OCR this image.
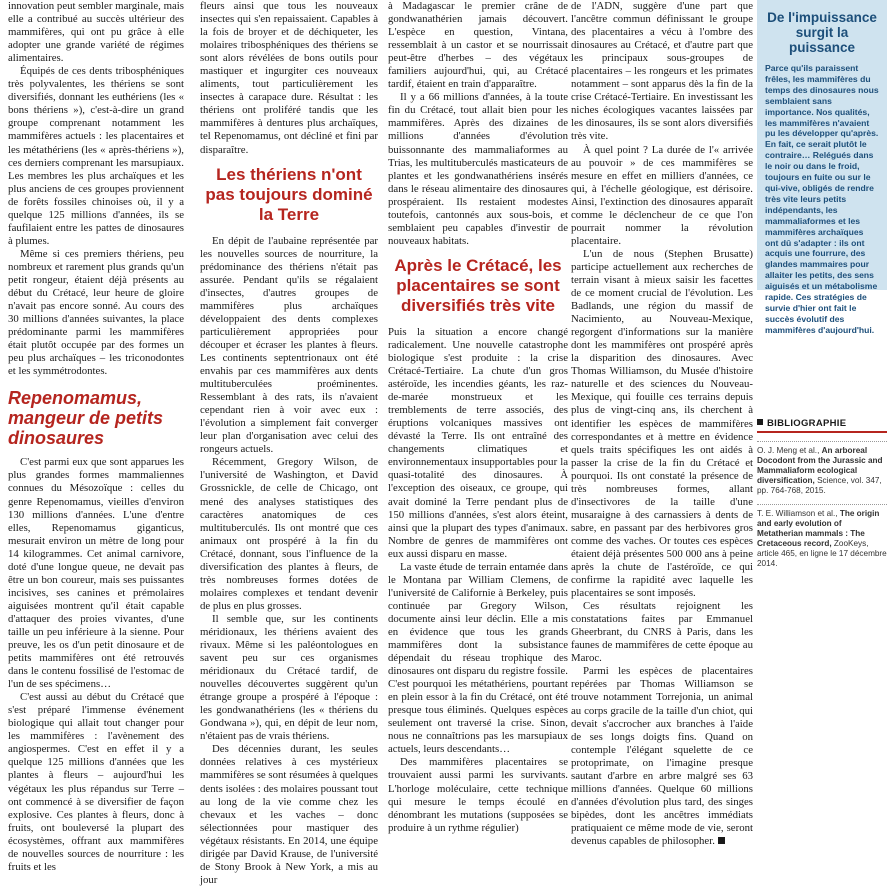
innovation peut sembler marginale, mais elle a contribué au succès ultérieur des mammifères, qui ont pu grâce à elle adopter une grande variété de régimes alimentaires.

Équipés de ces dents tribosphéniques très polyvalentes, les thériens se sont diversifiés, donnant les euthériens (les « bons thériens »), c'est-à-dire un grand groupe comprenant notamment les mammifères actuels : les placentaires et les métathériens (les « après-thériens »), ces derniers comprenant les marsupiaux. Les membres les plus archaïques et les plus anciens de ces groupes proviennent de forêts fossiles chinoises où, il y a quelque 125 millions d'années, ils se faufilaient entre les pattes de dinosaures à plumes.

Même si ces premiers thériens, peu nombreux et rarement plus grands qu'un petit rongeur, étaient déjà présents au début du Crétacé, leur heure de gloire n'avait pas encore sonné. Au cours des 30 millions d'années suivantes, la place prédominante parmi les mammifères était plutôt occupée par des formes un peu plus archaïques – les triconodontes et les symmétrodontes.

Repenomamus, mangeur de petits dinosaures

C'est parmi eux que sont apparues les plus grandes formes mammaliennes connues du Mésozoïque : celles du genre Repenomamus, vieilles d'environ 130 millions d'années. L'une d'entre elles, Repenomamus giganticus, mesurait environ un mètre de long pour 14 kilogrammes. Cet animal carnivore, doté d'une longue queue, ne devait pas être un bon coureur, mais ses puissantes incisives, ses canines et prémolaires aiguisées montrent qu'il était capable d'attaquer des proies vivantes, d'une taille un peu inférieure à la sienne. Pour preuve, les os d'un petit dinosaure et de petits mammifères ont été retrouvés dans le contenu fossilisé de l'estomac de l'un de ses spécimens…

C'est aussi au début du Crétacé que s'est préparé l'immense événement biologique qui allait tout changer pour les mammifères : l'avènement des angiospermes. C'est en effet il y a quelque 125 millions d'années que les plantes à fleurs – aujourd'hui les végétaux les plus répandus sur Terre – ont commencé à se diversifier de façon explosive. Ces plantes à fleurs, donc à fruits, ont bouleversé la plupart des écosystèmes, offrant aux mammifères de nouvelles sources de nourriture : les fruits et les

fleurs ainsi que tous les nouveaux insectes qui s'en repaissaient. Capables à la fois de broyer et de déchiqueter, les molaires tribosphéniques des thériens se sont alors révélées de bons outils pour mastiquer et ingurgiter ces nouveaux aliments, tout particulièrement les insectes à carapace dure. Résultat : les thériens ont proliféré tandis que les mammifères à dentures plus archaïques, tel Repenomamus, ont décliné et fini par disparaître.

Les thériens n'ont pas toujours dominé la Terre

En dépit de l'aubaine représentée par les nouvelles sources de nourriture, la prédominance des thériens n'était pas assurée. Pendant qu'ils se régalaient d'insectes, d'autres groupes de mammifères plus archaïques développaient des dents complexes particulièrement appropriées pour découper et écraser les plantes à fleurs. Les continents septentrionaux ont été envahis par ces mammifères aux dents multituberculées proéminentes. Ressemblant à des rats, ils n'avaient cependant rien à voir avec eux : l'évolution a simplement fait converger leur plan d'organisation avec celui des rongeurs actuels.

Récemment, Gregory Wilson, de l'université de Washington, et David Grossnickle, de celle de Chicago, ont mené des analyses statistiques des caractères anatomiques de ces multituberculés. Ils ont montré que ces animaux ont prospéré à la fin du Crétacé, donnant, sous l'influence de la diversification des plantes à fleurs, de très nombreuses formes dotées de molaires complexes et tendant devenir de plus en plus grosses.

Il semble que, sur les continents méridionaux, les thériens avaient des rivaux. Même si les paléontologues en savent peu sur ces organismes méridionaux du Crétacé tardif, de nouvelles découvertes suggèrent qu'un étrange groupe a prospéré à l'époque : les gondwanathériens (les « thériens du Gondwana »), qui, en dépit de leur nom, n'étaient pas de vrais thériens.

Des décennies durant, les seules données relatives à ces mystérieux mammifères se sont résumées à quelques dents isolées : des molaires poussant tout au long de la vie comme chez les chevaux et les vaches – donc sélectionnées pour mastiquer des végétaux résistants. En 2014, une équipe dirigée par David Krause, de l'université de Stony Brook à New York, a mis au jour

à Madagascar le premier crâne de gondwanathérien jamais découvert. L'espèce en question, Vintana, ressemblait à un castor et se nourrissait peut-être d'herbes – des végétaux familiers aujourd'hui, qui, au Crétacé tardif, étaient en train d'apparaître.

Il y a 66 millions d'années, à la toute fin du Crétacé, tout allait bien pour les mammifères. Après des dizaines de millions d'années d'évolution buissonnante des mammaliaformes au Trias, les multituberculés masticateurs de plantes et les gondwanathériens insérés dans le réseau alimentaire des dinosaures prospéraient. Ils restaient modestes toutefois, cantonnés aux sous-bois, et semblaient peu capables d'investir de nouveaux habitats.

Après le Crétacé, les placentaires se sont diversifiés très vite

Puis la situation a encore changé radicalement. Une nouvelle catastrophe biologique s'est produite : la crise Crétacé-Tertiaire. La chute d'un gros astéroïde, les incendies géants, les raz-de-marée monstrueux et les tremblements de terre associés, des éruptions volcaniques massives ont dévasté la Terre. Ils ont entraîné des changements climatiques et environnementaux insupportables pour la quasi-totalité des dinosaures. À l'exception des oiseaux, ce groupe, qui avait dominé la Terre pendant plus de 150 millions d'années, s'est alors éteint, ainsi que la plupart des types d'animaux. Nombre de genres de mammifères ont eux aussi disparu en masse.

La vaste étude de terrain entamée dans le Montana par William Clemens, de l'université de Californie à Berkeley, puis continuée par Gregory Wilson, documente ainsi leur déclin. Elle a mis en évidence que tous les grands mammifères dont la subsistance dépendait du réseau trophique des dinosaures ont disparu du registre fossile. C'est pourquoi les métathériens, pourtant en plein essor à la fin du Crétacé, ont été presque tous éliminés. Quelques espèces seulement ont traversé la crise. Sinon, nous ne connaîtrions pas les marsupiaux actuels, leurs descendants…

Des mammifères placentaires se trouvaient aussi parmi les survivants. L'horloge moléculaire, cette technique qui mesure le temps écoulé en dénombrant les mutations (supposées se produire à un rythme régulier)

de l'ADN, suggère d'une part que l'ancêtre commun définissant le groupe des placentaires a vécu à l'ombre des dinosaures au Crétacé, et d'autre part que les principaux sous-groupes de placentaires – les rongeurs et les primates notamment – sont apparus dès la fin de la crise Crétacé-Tertiaire. En investissant les niches écologiques vacantes laissées par les dinosaures, ils se sont alors diversifiés très vite.

À quel point ? La durée de l'« arrivée au pouvoir » de ces mammifères se mesure en effet en milliers d'années, ce qui, à l'échelle géologique, est dérisoire. Ainsi, l'extinction des dinosaures apparaît comme le déclencheur de ce que l'on pourrait nommer la révolution placentaire.

L'un de nous (Stephen Brusatte) participe actuellement aux recherches de terrain visant à mieux saisir les facettes de ce moment crucial de l'évolution. Les Badlands, une région du massif de Nacimiento, au Nouveau-Mexique, regorgent d'informations sur la manière dont les mammifères ont prospéré après la disparition des dinosaures. Avec Thomas Williamson, du Musée d'histoire naturelle et des sciences du Nouveau-Mexique, qui fouille ces terrains depuis plus de vingt-cinq ans, ils cherchent à identifier les espèces de mammifères correspondantes et à mettre en évidence quels traits spécifiques les ont aidés à passer la crise de la fin du Crétacé et pourquoi. Ils ont constaté la présence de très nombreuses formes, allant d'insectivores de la taille d'une musaraigne à des carnassiers à dents de sabre, en passant par des herbivores gros comme des vaches. Or toutes ces espèces étaient déjà présentes 500 000 ans à peine après la chute de l'astéroïde, ce qui confirme la rapidité avec laquelle les placentaires se sont imposés.

Ces résultats rejoignent les constatations faites par Emmanuel Gheerbrant, du CNRS à Paris, dans les faunes de mammifères de cette époque au Maroc.

Parmi les espèces de placentaires repérées par Thomas Williamson se trouve notamment Torrejonia, un animal au corps gracile de la taille d'un chiot, qui devait s'accrocher aux branches à l'aide de ses longs doigts fins. Quand on contemple l'élégant squelette de ce protoprimate, on l'imagine presque sautant d'arbre en arbre malgré ses 63 millions d'années. Quelque 60 millions d'années d'évolution plus tard, des singes bipèdes, dont les ancêtres immédiats pratiquaient ce même mode de vie, seront devenus capables de philosopher.

De l'impuissance surgit la puissance

Parce qu'ils paraissent frêles, les mammifères du temps des dinosaures nous semblaient sans importance. Nos qualités, les mammifères n'avaient pu les développer qu'après. En fait, ce serait plutôt le contraire… Relégués dans le noir ou dans le froid, toujours en fuite ou sur le qui-vive, obligés de rendre très vite leurs petits indépendants, les mammaliaformes et les mammifères archaïques ont dû s'adapter : ils ont acquis une fourrure, des glandes mammaires pour allaiter les petits, des sens aiguisés et un métabolisme rapide. Ces stratégies de survie d'hier ont fait le succès évolutif des mammifères d'aujourd'hui.

BIBLIOGRAPHIE

O. J. Meng et al., An arboreal Docodont from the Jurassic and Mammaliaform ecological diversification, Science, vol. 347, pp. 764-768, 2015.

T. E. Williamson et al., The origin and early evolution of Metatherian mammals : The Cretaceous record, ZooKeys, article 465, en ligne le 17 décembre 2014.
